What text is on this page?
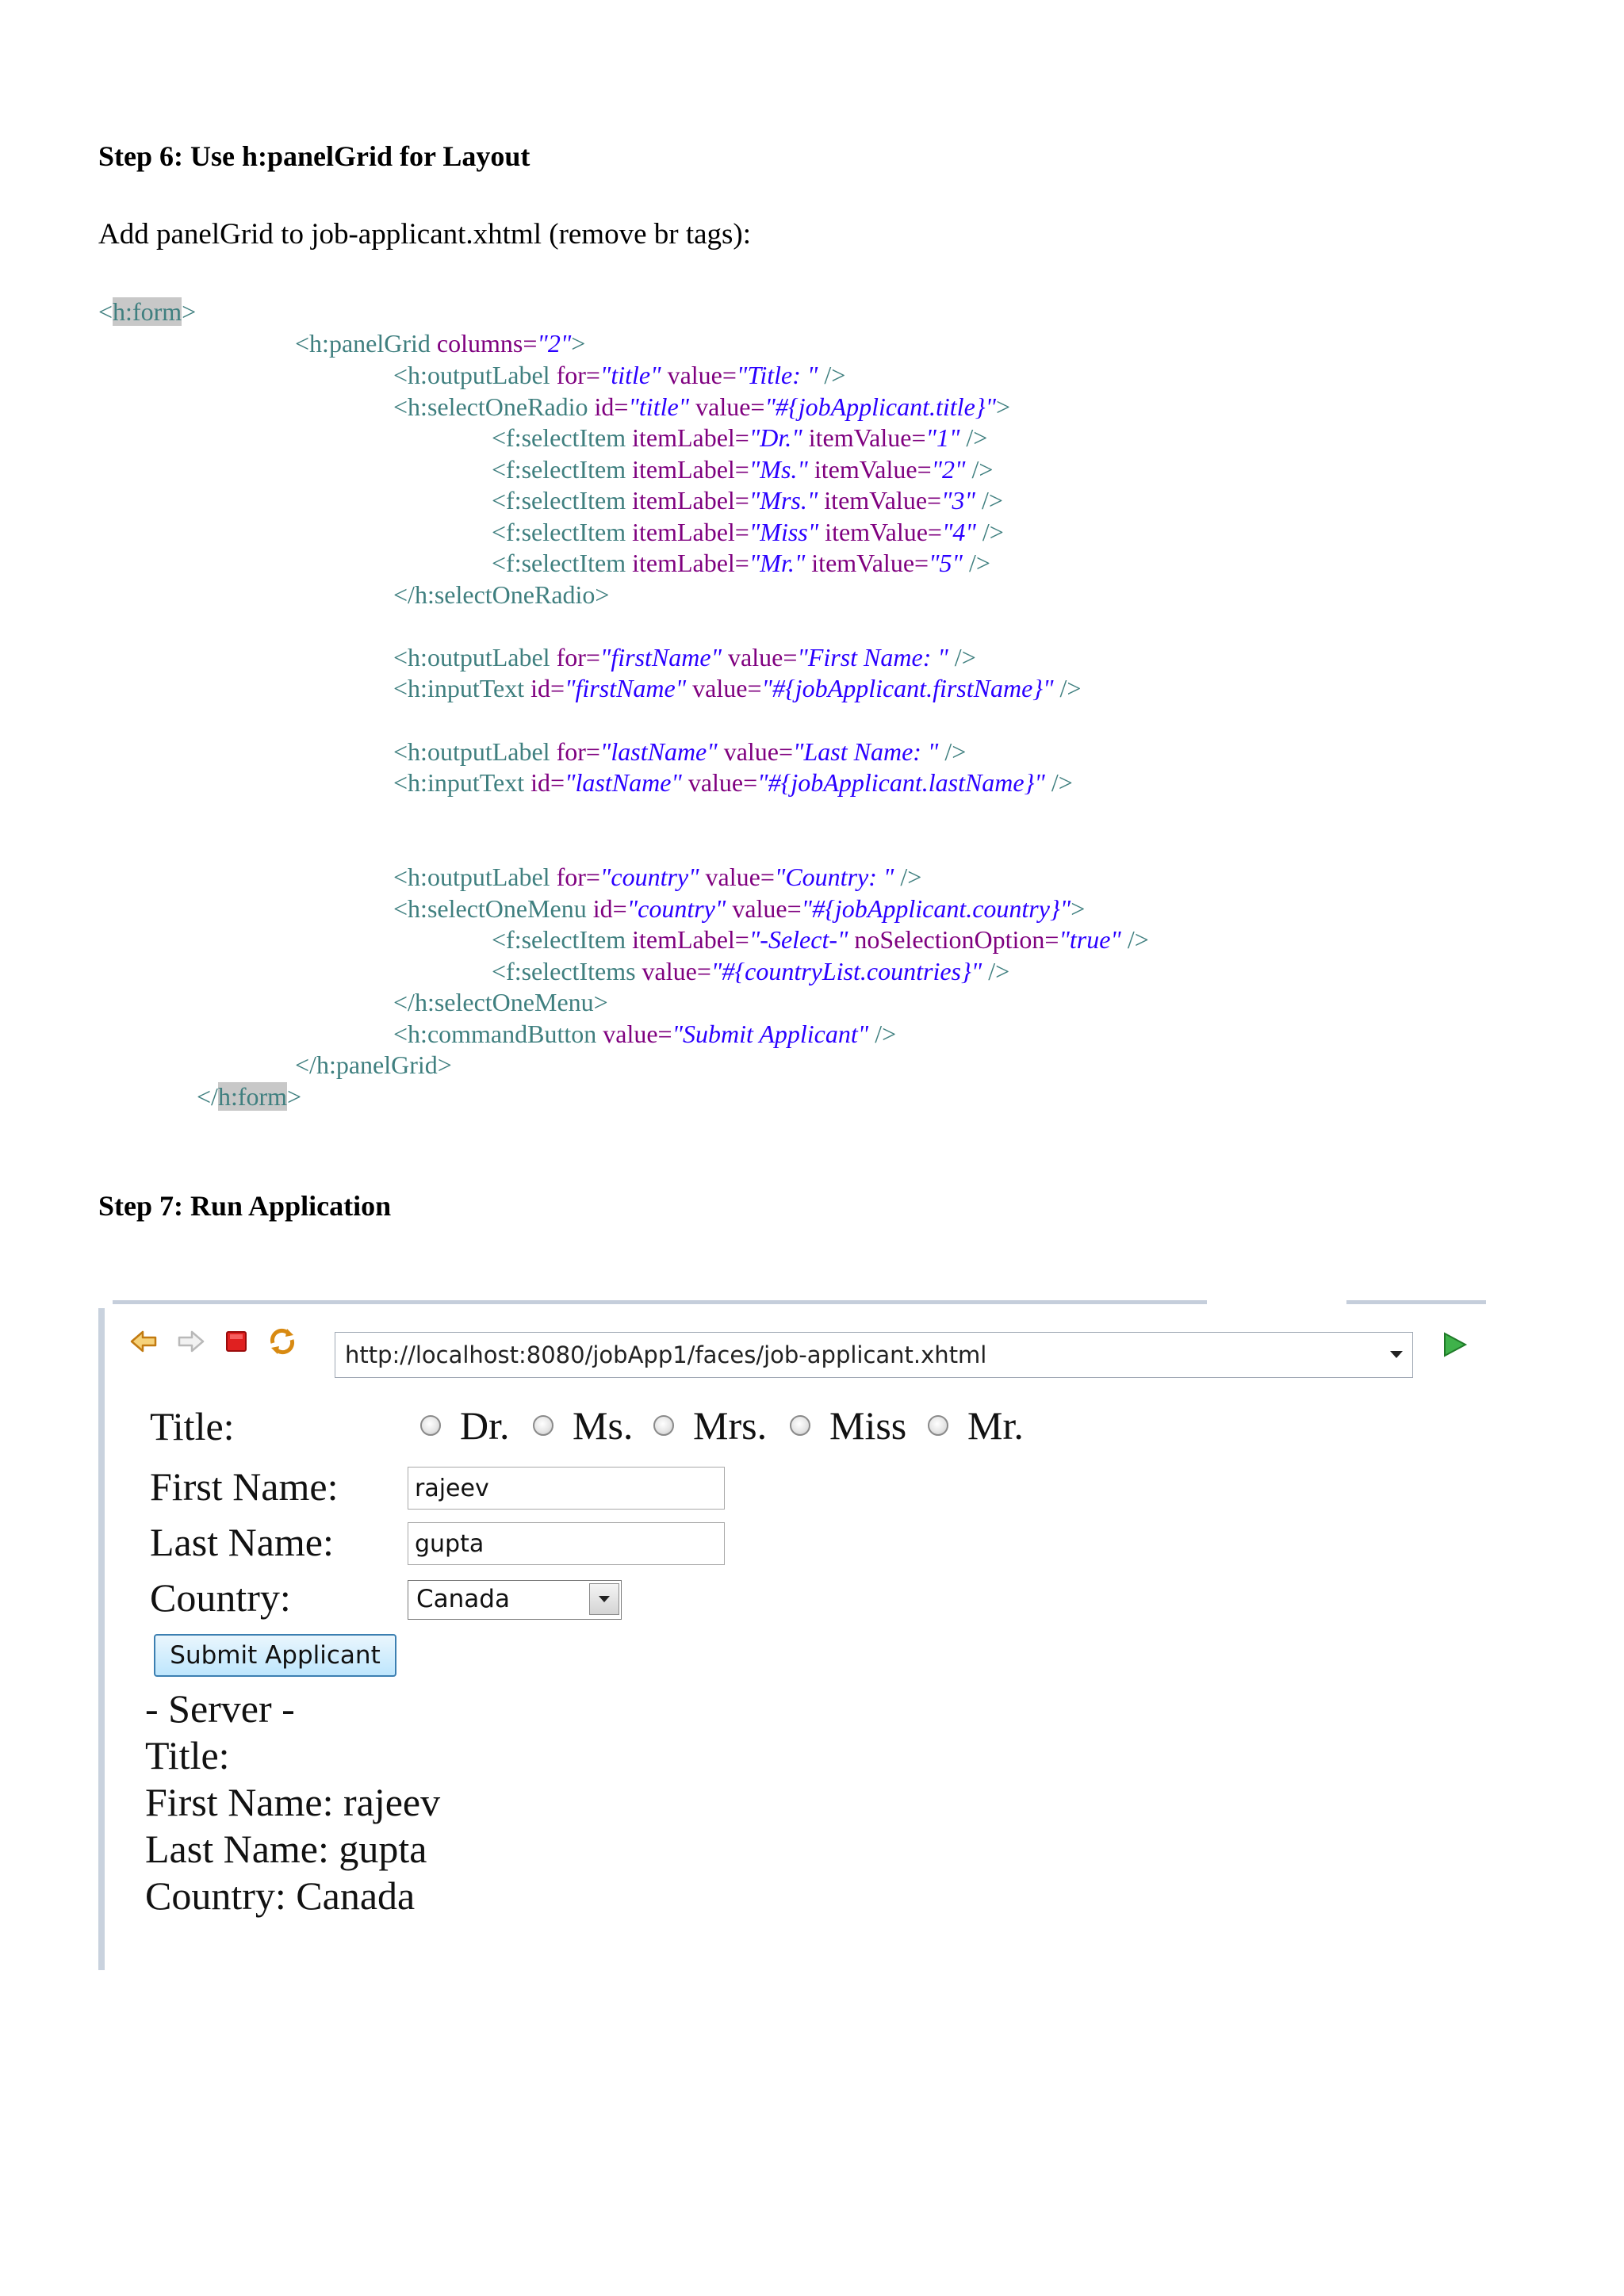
Step 6: Use h:panelGrid for Layout
Add panelGrid to job-applicant.xhtml (remove br tags):
<h:form>
<h:panelGrid columns="2">
<h:outputLabel for="title" value="Title: " />
<h:selectOneRadio id="title" value="#{jobApplicant.title}">
<f:selectItem itemLabel="Dr." itemValue="1" />
<f:selectItem itemLabel="Ms." itemValue="2" />
<f:selectItem itemLabel="Mrs." itemValue="3" />
<f:selectItem itemLabel="Miss" itemValue="4" />
<f:selectItem itemLabel="Mr." itemValue="5" />
</h:selectOneRadio>
<h:outputLabel for="firstName" value="First Name: " />
<h:inputText id="firstName" value="#{jobApplicant.firstName}" />
<h:outputLabel for="lastName" value="Last Name: " />
<h:inputText id="lastName" value="#{jobApplicant.lastName}" />
<h:outputLabel for="country" value="Country: " />
<h:selectOneMenu id="country" value="#{jobApplicant.country}">
<f:selectItem itemLabel="-Select-" noSelectionOption="true" />
<f:selectItems value="#{countryList.countries}" />
</h:selectOneMenu>
<h:commandButton value="Submit Applicant" />
</h:panelGrid>
</h:form>
Step 7: Run Application
http://localhost:8080/jobApp1/faces/job-applicant.xhtml
Title:	Dr. Ms. Mrs. Miss Mr.
First Name:
rajeev
Last Name:
gupta
Country:	Canada
Submit Applicant
- Server -
Title:
First Name: rajeev
Last Name: gupta
Country: Canada
